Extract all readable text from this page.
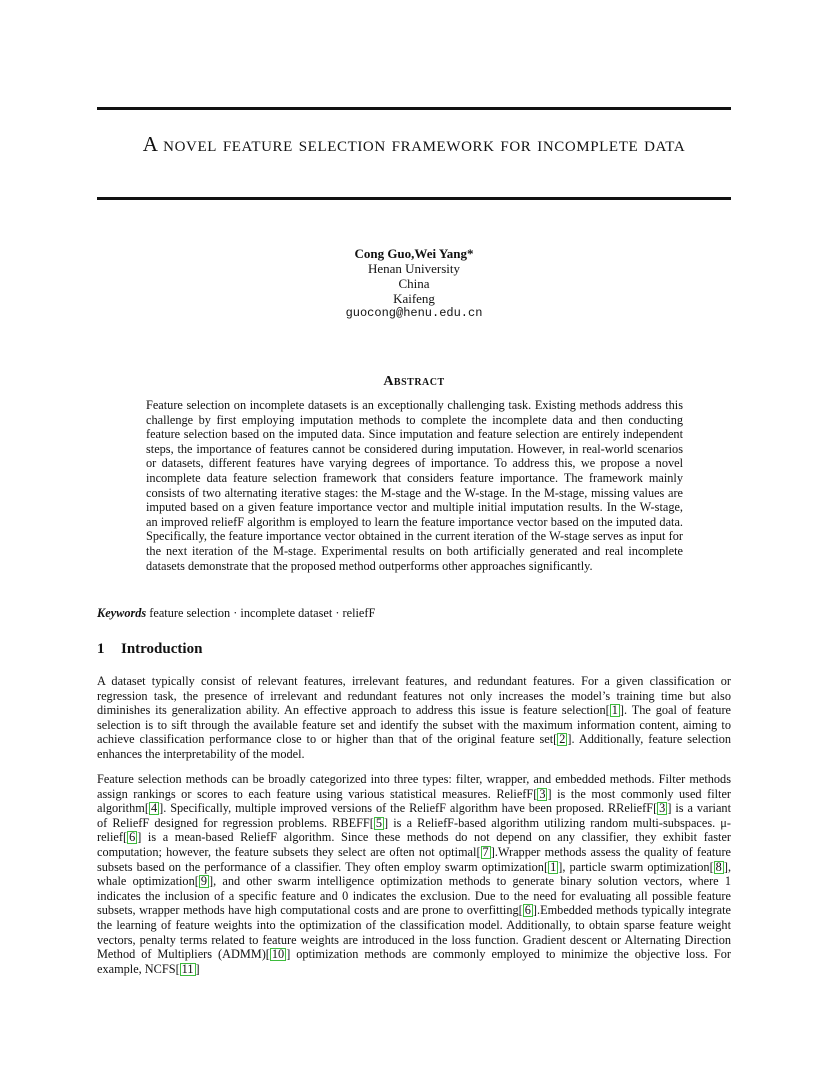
A novel feature selection framework for incomplete data
Cong Guo,Wei Yang*
Henan University
China
Kaifeng
guocong@henu.edu.cn
Abstract
Feature selection on incomplete datasets is an exceptionally challenging task. Existing methods address this challenge by first employing imputation methods to complete the incomplete data and then conducting feature selection based on the imputed data. Since imputation and feature selection are entirely independent steps, the importance of features cannot be considered during imputation. However, in real-world scenarios or datasets, different features have varying degrees of importance. To address this, we propose a novel incomplete data feature selection framework that considers feature importance. The framework mainly consists of two alternating iterative stages: the M-stage and the W-stage. In the M-stage, missing values are imputed based on a given feature importance vector and multiple initial imputation results. In the W-stage, an improved reliefF algorithm is employed to learn the feature importance vector based on the imputed data. Specifically, the feature importance vector obtained in the current iteration of the W-stage serves as input for the next iteration of the M-stage. Experimental results on both artificially generated and real incomplete datasets demonstrate that the proposed method outperforms other approaches significantly.
Keywords feature selection · incomplete dataset · reliefF
1 Introduction
A dataset typically consist of relevant features, irrelevant features, and redundant features. For a given classification or regression task, the presence of irrelevant and redundant features not only increases the model’s training time but also diminishes its generalization ability. An effective approach to address this issue is feature selection[ 1 ]. The goal of feature selection is to sift through the available feature set and identify the subset with the maximum information content, aiming to achieve classification performance close to or higher than that of the original feature set[ 2 ]. Additionally, feature selection enhances the interpretability of the model.
Feature selection methods can be broadly categorized into three types: filter, wrapper, and embedded methods. Filter methods assign rankings or scores to each feature using various statistical measures. ReliefF[ 3 ] is the most commonly used filter algorithm[ 4 ]. Specifically, multiple improved versions of the ReliefF algorithm have been proposed. RReliefF[ 3 ] is a variant of ReliefF designed for regression problems. RBEFF[ 5 ] is a ReliefF-based algorithm utilizing random multi-subspaces. μ-relief[ 6 ] is a mean-based ReliefF algorithm. Since these methods do not depend on any classifier, they exhibit faster computation; however, the feature subsets they select are often not optimal[ 7 ].Wrapper methods assess the quality of feature subsets based on the performance of a classifier. They often employ swarm optimization[ 1 ], particle swarm optimization[ 8 ], whale optimization[ 9 ], and other swarm intelligence optimization methods to generate binary solution vectors, where 1 indicates the inclusion of a specific feature and 0 indicates the exclusion. Due to the need for evaluating all possible feature subsets, wrapper methods have high computational costs and are prone to overfitting[ 6 ].Embedded methods typically integrate the learning of feature weights into the optimization of the classification model. Additionally, to obtain sparse feature weight vectors, penalty terms related to feature weights are introduced in the loss function. Gradient descent or Alternating Direction Method of Multipliers (ADMM)[ 10 ] optimization methods are commonly employed to minimize the objective loss. For example, NCFS[ 11 ]
